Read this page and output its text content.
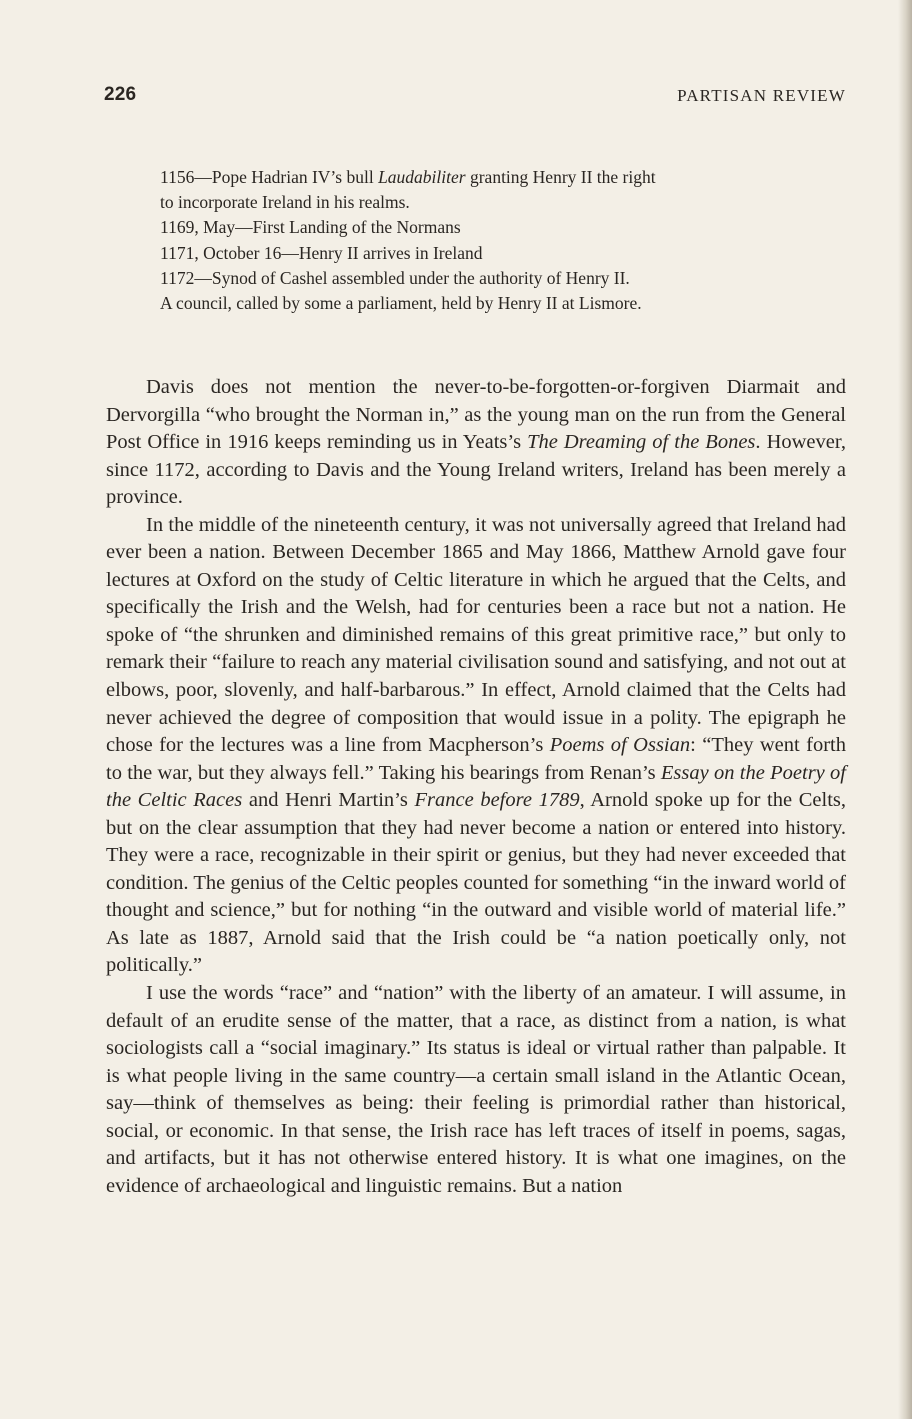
226	PARTISAN REVIEW
1156—Pope Hadrian IV’s bull Laudabiliter granting Henry II the right
to incorporate Ireland in his realms.
1169, May—First Landing of the Normans
1171, October 16—Henry II arrives in Ireland
1172—Synod of Cashel assembled under the authority of Henry II.
A council, called by some a parliament, held by Henry II at Lismore.

Davis does not mention the never-to-be-forgotten-or-forgiven Diarmait and Dervorgilla “who brought the Norman in,” as the young man on the run from the General Post Office in 1916 keeps reminding us in Yeats’s The Dreaming of the Bones. However, since 1172, according to Davis and the Young Ireland writers, Ireland has been merely a province.

In the middle of the nineteenth century, it was not universally agreed that Ireland had ever been a nation. Between December 1865 and May 1866, Matthew Arnold gave four lectures at Oxford on the study of Celtic literature in which he argued that the Celts, and specifically the Irish and the Welsh, had for centuries been a race but not a nation. He spoke of “the shrunken and diminished remains of this great primitive race,” but only to remark their “failure to reach any material civilisation sound and satisfying, and not out at elbows, poor, slovenly, and half-barbarous.” In effect, Arnold claimed that the Celts had never achieved the degree of composition that would issue in a polity. The epigraph he chose for the lectures was a line from Macpherson’s Poems of Ossian: “They went forth to the war, but they always fell.” Taking his bearings from Renan’s Essay on the Poetry of the Celtic Races and Henri Martin’s France before 1789, Arnold spoke up for the Celts, but on the clear assumption that they had never become a nation or entered into history. They were a race, recognizable in their spirit or genius, but they had never exceeded that condition. The genius of the Celtic peoples counted for something “in the inward world of thought and science,” but for nothing “in the outward and visible world of material life.” As late as 1887, Arnold said that the Irish could be “a nation poetically only, not politically.”

I use the words “race” and “nation” with the liberty of an amateur. I will assume, in default of an erudite sense of the matter, that a race, as distinct from a nation, is what sociologists call a “social imaginary.” Its status is ideal or virtual rather than palpable. It is what people living in the same country—a certain small island in the Atlantic Ocean, say—think of themselves as being: their feeling is primordial rather than historical, social, or economic. In that sense, the Irish race has left traces of itself in poems, sagas, and artifacts, but it has not otherwise entered history. It is what one imagines, on the evidence of archaeological and linguistic remains. But a nation
